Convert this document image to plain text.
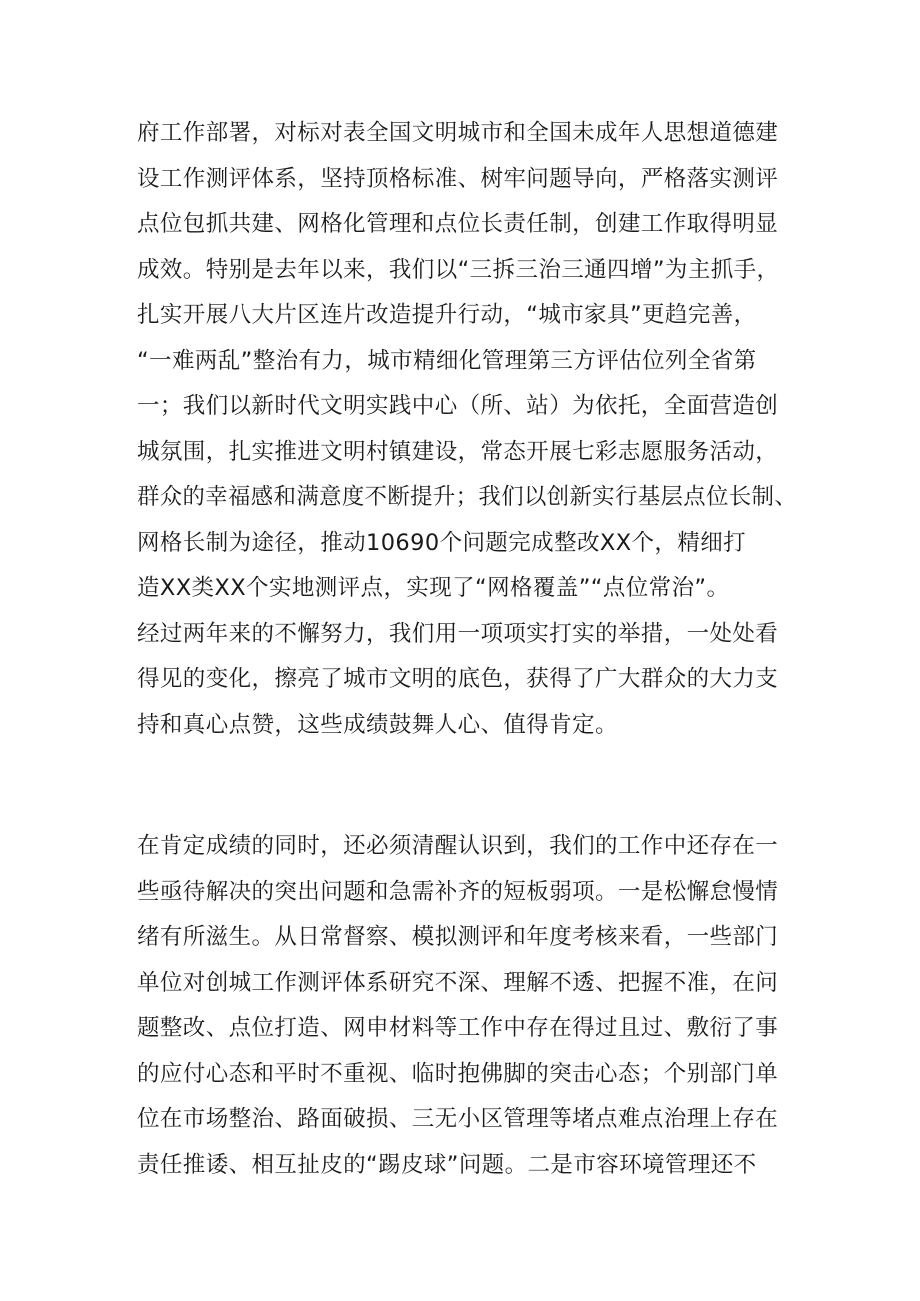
府工作部署，对标对表全国文明城市和全国未成年人思想道德建
设工作测评体系，坚持顶格标准、树牢问题导向，严格落实测评
点位包抓共建、网格化管理和点位长责任制，创建工作取得明显
成效。特别是去年以来，我们以“三拆三治三通四增”为主抓手，
扎实开展八大片区连片改造提升行动，“城市家具”更趋完善，
“一难两乱”整治有力，城市精细化管理第三方评估位列全省第
一；我们以新时代文明实践中心（所、站）为依托，全面营造创
城氛围，扎实推进文明村镇建设，常态开展七彩志愿服务活动，
群众的幸福感和满意度不断提升；我们以创新实行基层点位长制、
网格长制为途径，推动10690个问题完成整改XX个，精细打
造XX类XX个实地测评点，实现了“网格覆盖”“点位常治”。
经过两年来的不懈努力，我们用一项项实打实的举措，一处处看
得见的变化，擦亮了城市文明的底色，获得了广大群众的大力支
持和真心点赞，这些成绩鼓舞人心、值得肯定。
在肯定成绩的同时，还必须清醒认识到，我们的工作中还存在一
些亟待解决的突出问题和急需补齐的短板弱项。一是松懈怠慢情
绪有所滋生。从日常督察、模拟测评和年度考核来看，一些部门
单位对创城工作测评体系研究不深、理解不透、把握不准，在问
题整改、点位打造、网申材料等工作中存在得过且过、敷衍了事
的应付心态和平时不重视、临时抱佛脚的突击心态；个别部门单
位在市场整治、路面破损、三无小区管理等堵点难点治理上存在
责任推诿、相互扯皮的“踢皮球”问题。二是市容环境管理还不
